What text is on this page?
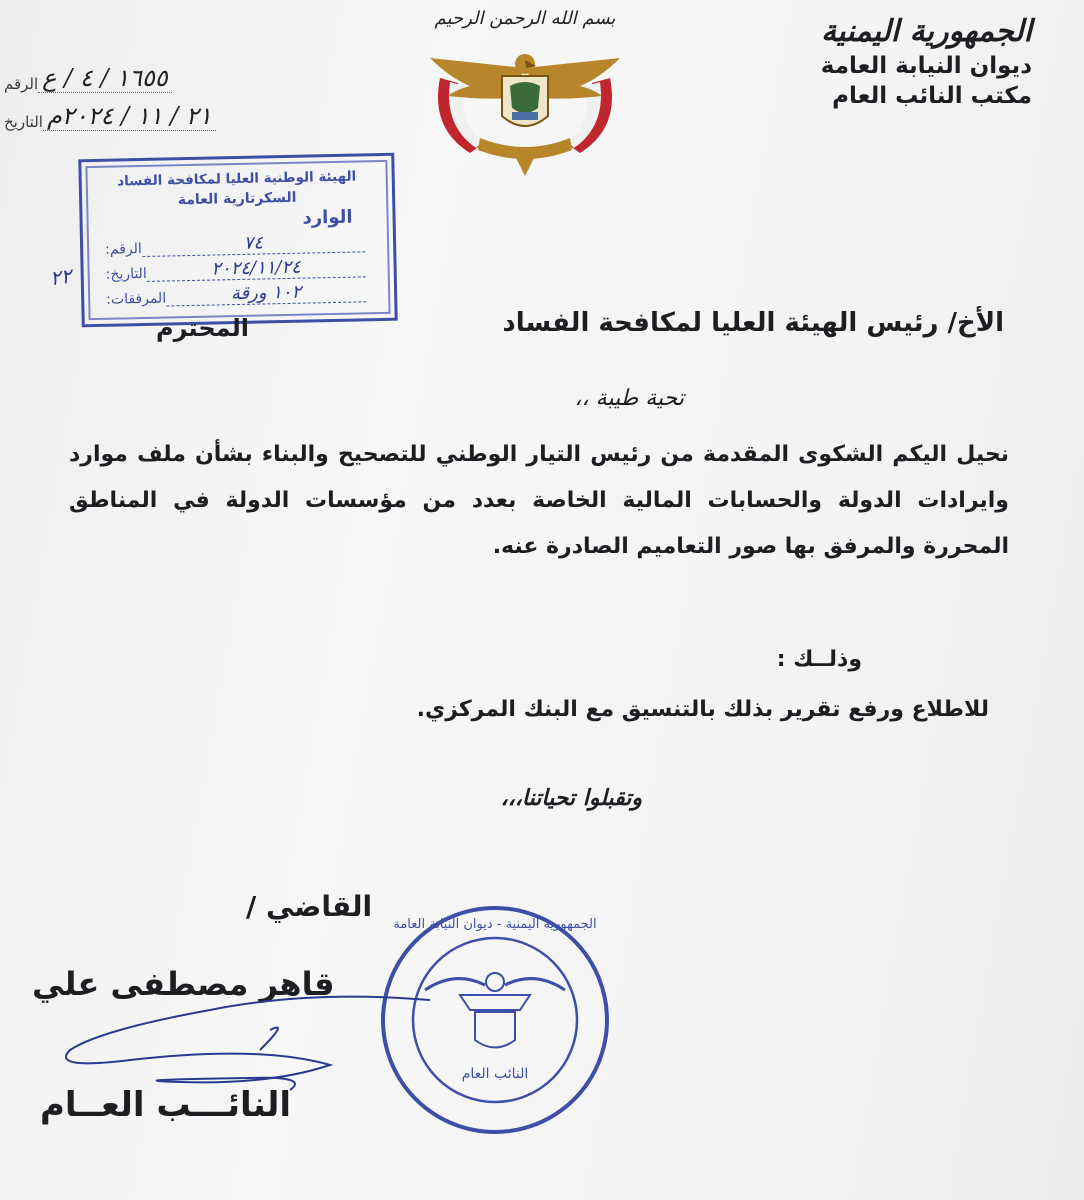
الجمهورية اليمنية
ديوان النيابة العامة
مكتب النائب العام
بسم الله الرحمن الرحيم
الرقم ١٦٥٥ / ٤ / ع
التاريخ ٢١ / ١١ / ٢٠٢٤م
الهيئة الوطنية العليا لمكافحة الفساد
السكرتارية العامة
الوارد
الرقم:	٧٤
التاريخ:	٢٠٢٤/١١/٢٤
المرفقات:	١٠٢ ورقة
٢٢
الأخ/ رئيس الهيئة العليا لمكافحة الفساد
المحترم
تحية طيبة ،،
نحيل اليكم الشكوى المقدمة من رئيس التيار الوطني للتصحيح والبناء بشأن ملف موارد وايرادات الدولة والحسابات المالية الخاصة بعدد من مؤسسات الدولة في المناطق المحررة والمرفق بها صور التعاميم الصادرة عنه.
وذلــك :
للاطلاع ورفع تقرير بذلك بالتنسيق مع البنك المركزي.
وتقبلوا تحياتنا،،،
النائب العام
الجمهورية اليمنية - ديوان النيابة العامة
القاضي /
قاهر مصطفى علي
النائـــب العــام
